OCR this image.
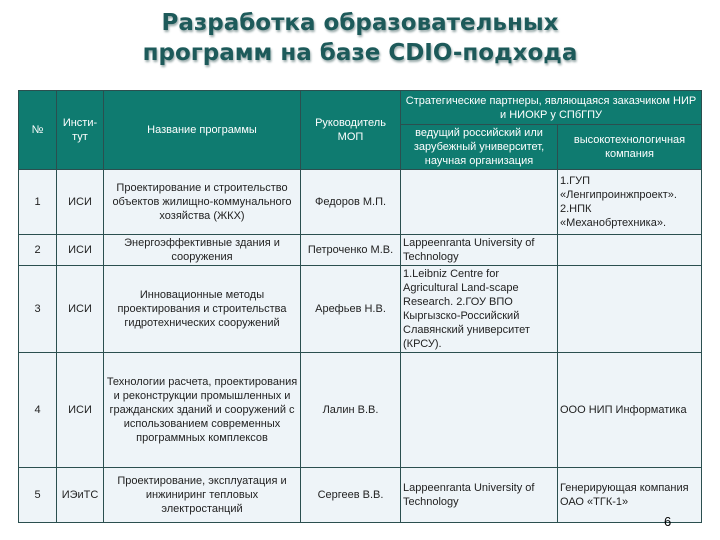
Разработка образовательных
программ на базе CDIO-подхода
№	Инсти-тут	Название программы	Руководитель МОП	Стратегические партнеры, являющаяся заказчиком НИР и НИОКР у СПбГПУ	
				ведущий российский или зарубежный университет, научная организация	высокотехнологичная компания
1	ИСИ	Проектирование и строительство объектов жилищно-коммунального хозяйства (ЖКХ)	Федоров М.П.		1.ГУП «Ленгипроинжпроект». 2.НПК «Механобртехника».
2	ИСИ	Энергоэффективные здания и сооружения	Петроченко М.В.	Lappeenranta University of Technology	
3	ИСИ	Инновационные методы проектирования и строительства гидротехнических сооружений	Арефьев Н.В.	1.Leibniz Centre for Agricultural Land-scape Research. 2.ГОУ ВПО Кыргызско-Российский Славянский университет (КРСУ).	
4	ИСИ	Технологии расчета, проектирования и реконструкции промышленных и гражданских зданий и сооружений с использованием современных программных комплексов	Лалин В.В.		ООО НИП Информатика
5	ИЭиТС	Проектирование, эксплуатация и инжиниринг тепловых электростанций	Сергеев В.В.	Lappeenranta University of Technology	Генерирующая компания ОАО «ТГК-1»
6
